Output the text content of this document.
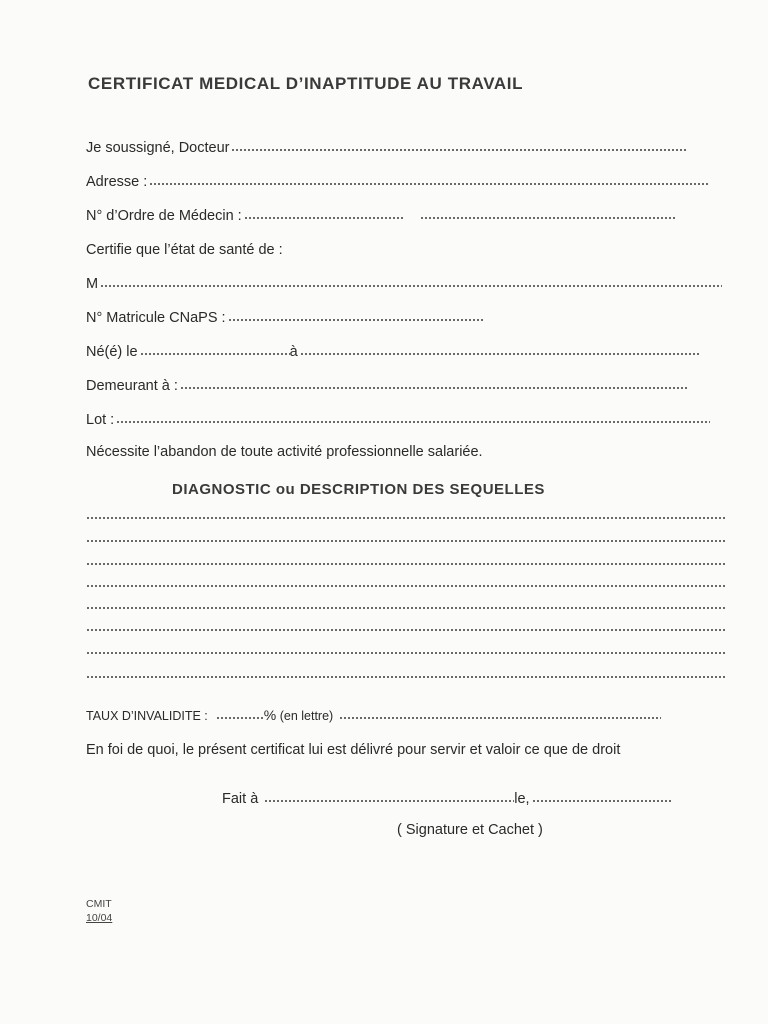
CERTIFICAT MEDICAL D’INAPTITUDE AU TRAVAIL
Je soussigné, Docteur
Adresse :
N° d’Ordre de Médecin :
Certifie que l’état de santé de :
M
N° Matricule CNaPS :
Né(é) le	à
Demeurant à :
Lot :
Nécessite l’abandon de toute activité professionnelle salariée.
DIAGNOSTIC ou DESCRIPTION DES SEQUELLES
TAUX D’INVALIDITE :	% (en lettre)
En foi de quoi, le présent certificat lui est délivré pour servir et valoir ce que de droit
Fait à	le,
( Signature et Cachet )
CMIT
10/04
